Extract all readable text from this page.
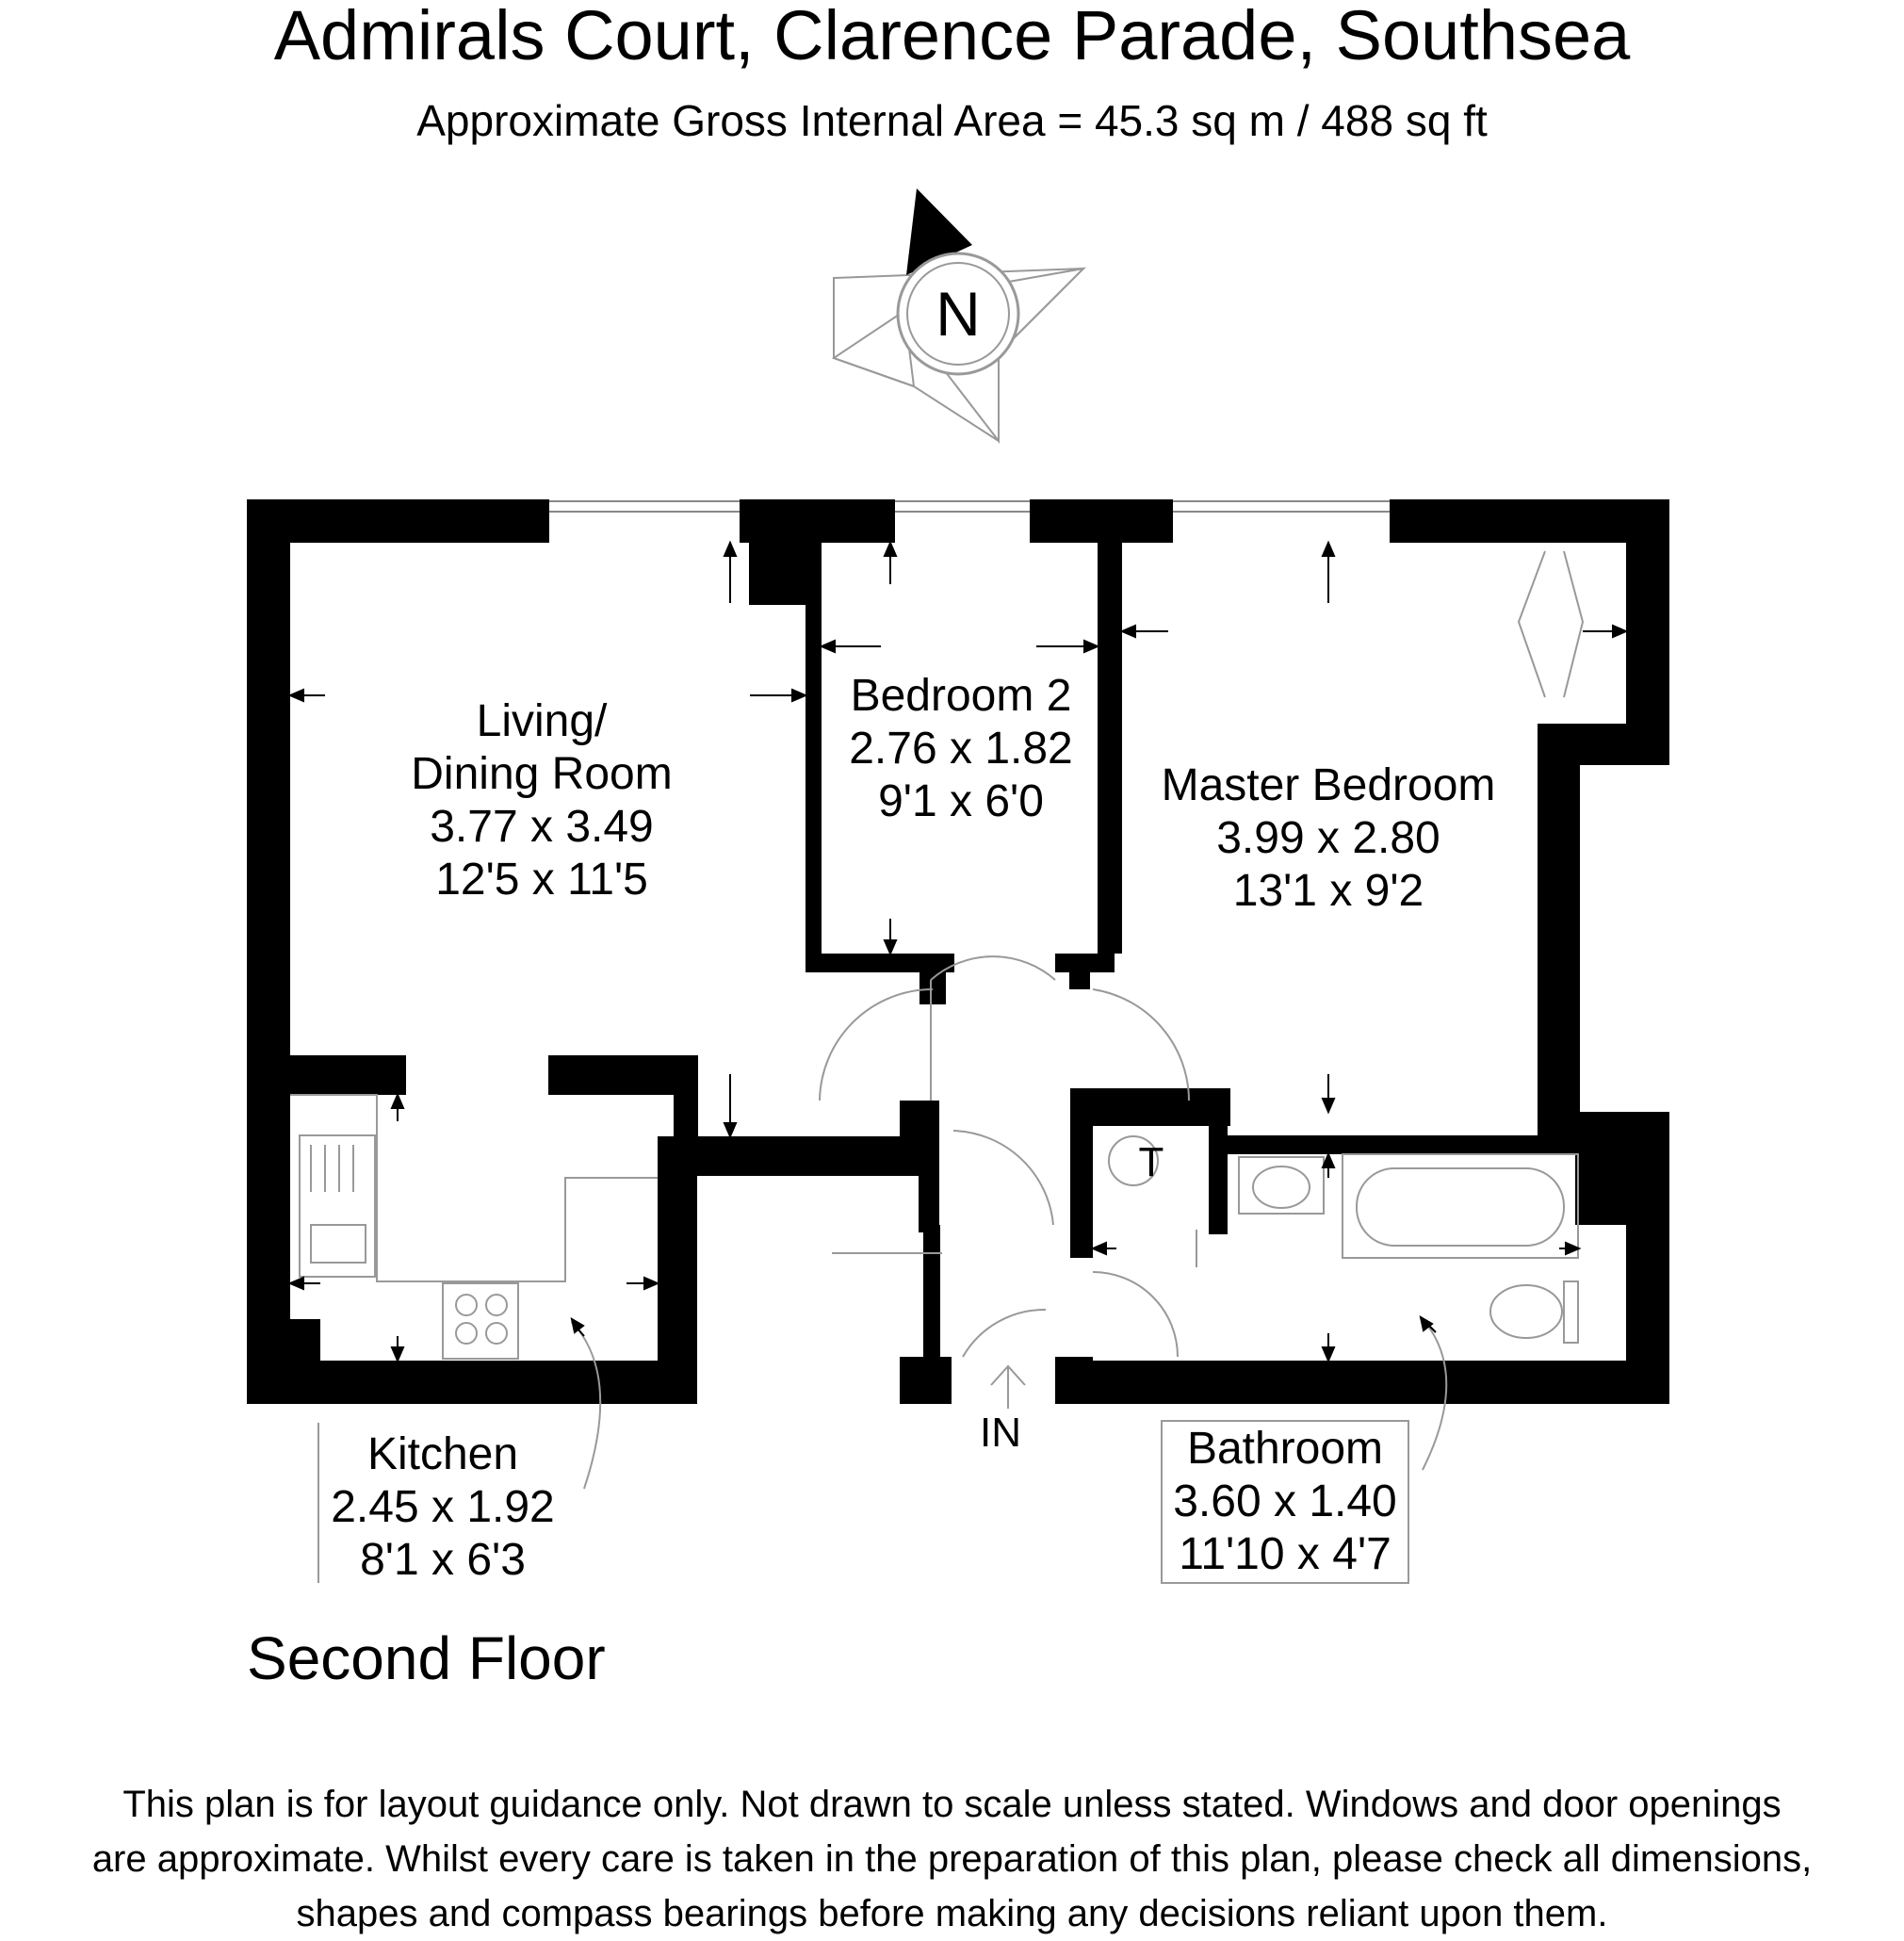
Admirals Court, Clarence Parade, Southsea
Approximate Gross Internal Area = 45.3 sq m / 488 sq ft
N
T
Living/
Dining Room
3.77 x 3.49
12'5 x 11'5
Bedroom 2
2.76 x 1.82
9'1 x 6'0	Master Bedroom
3.99 x 2.80
13'1 x 9'2
Kitchen
2.45 x 1.92
8'1 x 6'3
Bathroom
3.60 x 1.40
11'10 x 4'7
IN
Second Floor
This plan is for layout guidance only. Not drawn to scale unless stated. Windows and door openings
are approximate. Whilst every care is taken in the preparation of this plan, please check all dimensions,
shapes and compass bearings before making any decisions reliant upon them.
